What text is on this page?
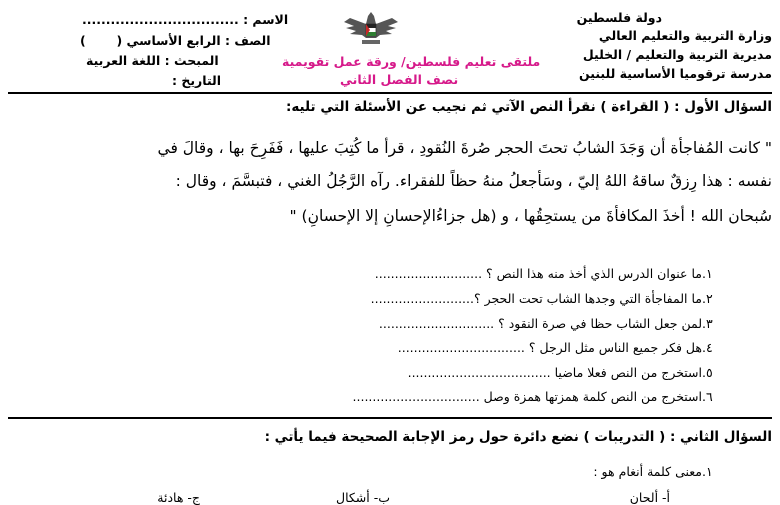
دولة فلسطين
وزارة التربية والتعليم العالي
مديرية التربية والتعليم / الخليل
مدرسة ترقوميا الأساسية للبنين
ملتقى تعليم فلسطين/ ورقة عمل تقويمية
نصف الفصل الثاني
الاسم : .................................
الصف : الرابع الأساسي (  )
المبحث : اللغة العربية
التاريخ :
السؤال الأول : ( القراءة ) نقرأ النص الآتي ثم نجيب عن الأسئلة التي تليه:
" كانت المُفاجأة أن وَجَدَ الشابُ تحتَ الحجر صُرةَ النُقودِ ، قرأ ما كُتِبَ عليها ، فَفَرِحَ بها ، وقالَ في
نفسه : هذا رِزقٌ ساقهُ اللهُ إليّ ، وسَأجعلُ منهُ حظاً للفقراء. رآه الرَّجُلُ الغني ، فتبسَّمَ ، وقال :
سُبحان الله ! أخذَ المكافأةَ من يستحِقُها ، و (هل جزاءُالإحسانِ إلا الإحسانِ) "
١.ما عنوان الدرس الذي أخذ منه هذا النص ؟ ...........................
٢.ما المفاجأة التي وجدها الشاب تحت الحجر ؟..........................
٣.لمن جعل الشاب حظا في صرة النقود ؟ .............................
٤.هل فكر جميع الناس مثل الرجل ؟ ................................
٥.استخرج من النص فعلا ماضيا ....................................
٦.استخرج من النص كلمة همزتها همزة وصل ................................
السؤال الثاني : ( التدريبات ) نضع دائرة حول رمز الإجابة الصحيحة فيما يأتي :
١.معنى كلمة أنغام هو :
أ- ألحان
ب- أشكال
ج- هادئة
